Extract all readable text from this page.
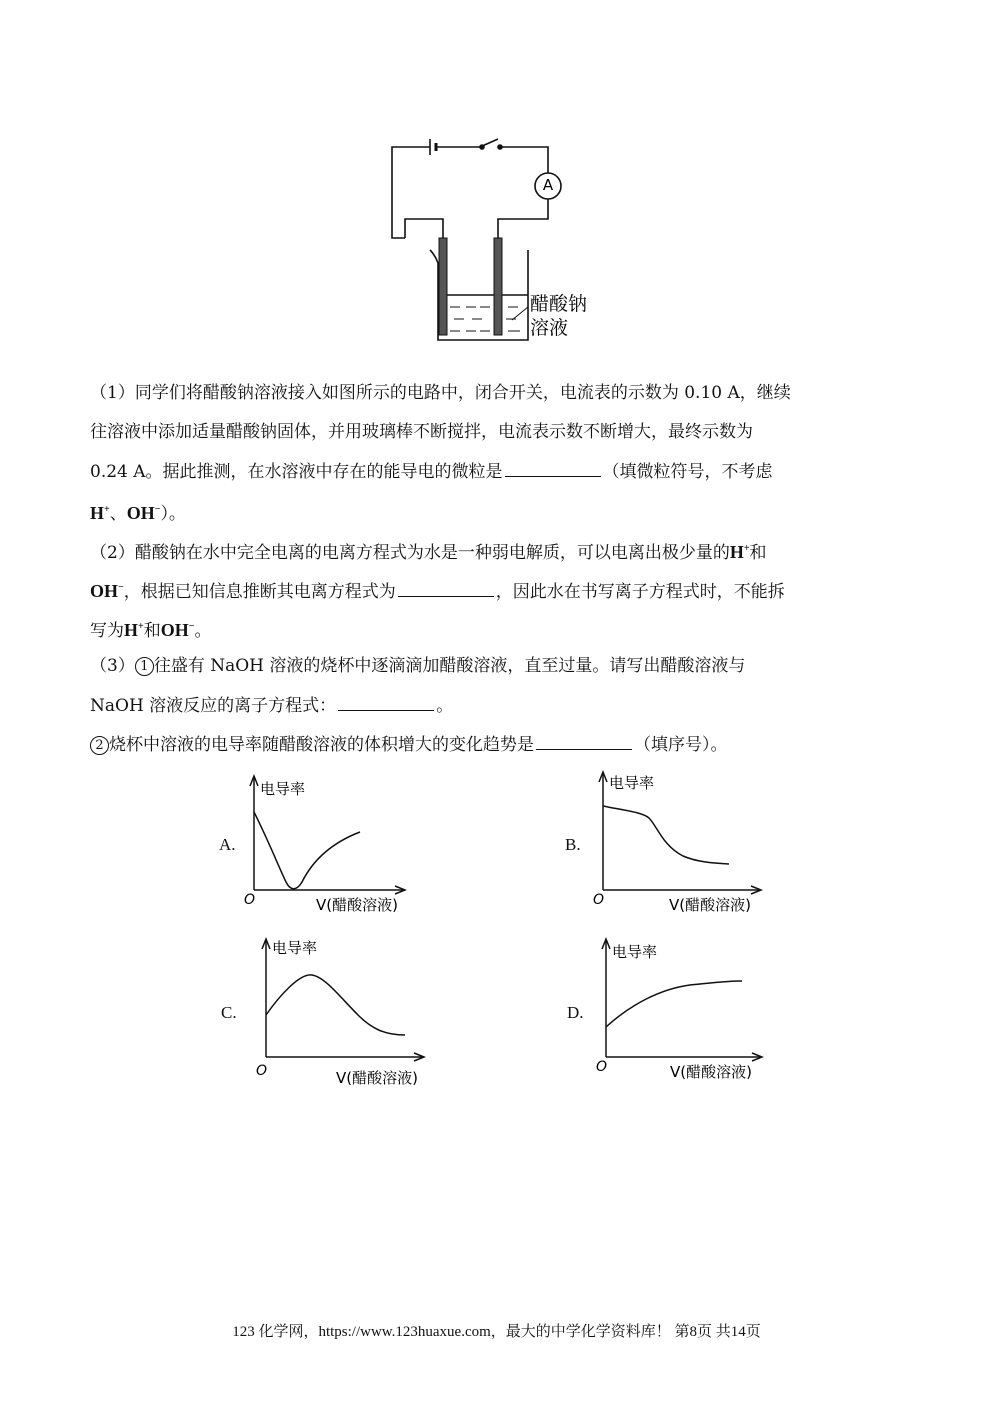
A
醋酸钠
溶液
（1）同学们将醋酸钠溶液接入如图所示的电路中，闭合开关，电流表的示数为 0.10 A，继续
往溶液中添加适量醋酸钠固体，并用玻璃棒不断搅拌，电流表示数不断增大，最终示数为
0.24 A。据此推测，在水溶液中存在的能导电的微粒是	（填微粒符号，不考虑
H+、OH−）。
（2）醋酸钠在水中完全电离的电离方程式为水是一种弱电解质，可以电离出极少量的H+和
OH−，根据已知信息推断其电离方程式为	，因此水在书写离子方程式时，不能拆
写为H+和OH−。
（3） 1 往盛有 NaOH 溶液的烧杯中逐滴滴加醋酸溶液，直至过量。请写出醋酸溶液与
NaOH 溶液反应的离子方程式：	。
2 烧杯中溶液的电导率随醋酸溶液的体积增大的变化趋势是	（填序号）。
A.	B.
C.	D.
电导率
O	V(醋酸溶液)
电导率
O	V(醋酸溶液)
电导率
O	V(醋酸溶液)
电导率
O	V(醋酸溶液)
123 化学网，https://www.123huaxue.com，最大的中学化学资料库！ 第8页 共14页
